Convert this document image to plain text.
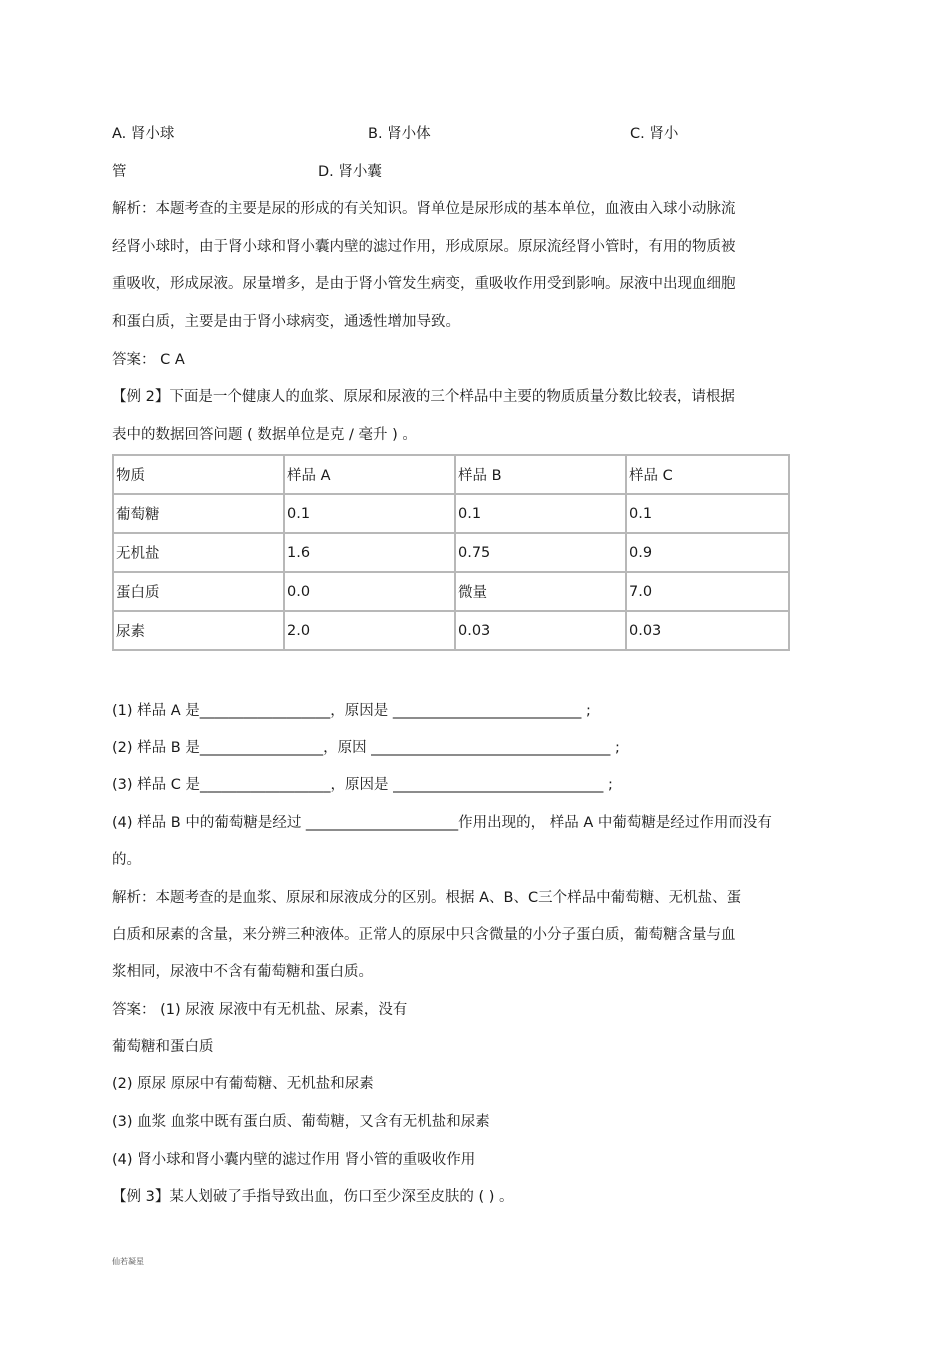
A. 肾小球	B. 肾小体	C. 肾小
管	D. 肾小囊
解析：本题考查的主要是尿的形成的有关知识。肾单位是尿形成的基本单位，血液由入球小动脉流
经肾小球时，由于肾小球和肾小囊内壁的滤过作用，形成原尿。原尿流经肾小管时，有用的物质被
重吸收，形成尿液。尿量增多，是由于肾小管发生病变，重吸收作用受到影响。尿液中出现血细胞
和蛋白质，主要是由于肾小球病变，通透性增加导致。
答案： C A
【例 2】下面是一个健康人的血浆、原尿和尿液的三个样品中主要的物质质量分数比较表，请根据
表中的数据回答问题 ( 数据单位是克 / 毫升 ) 。
物质	样品 A	样品 B	样品 C
葡萄糖	0.1	0.1	0.1
无机盐	1.6	0.75	0.9
蛋白质	0.0	微量	7.0
尿素	2.0	0.03	0.03
(1) 样品 A 是__________________，原因是 __________________________ ;
(2) 样品 B 是_________________，原因 _________________________________ ;
(3) 样品 C 是__________________，原因是 _____________________________ ;
(4) 样品 B 中的葡萄糖是经过 _____________________作用出现的， 样品 A 中葡萄糖是经过作用而没有
的。
解析：本题考查的是血浆、原尿和尿液成分的区别。根据 A、B、C三个样品中葡萄糖、无机盐、蛋
白质和尿素的含量，来分辨三种液体。正常人的原尿中只含微量的小分子蛋白质，葡萄糖含量与血
浆相同，尿液中不含有葡萄糖和蛋白质。
答案： (1) 尿液 尿液中有无机盐、尿素，没有
葡萄糖和蛋白质
(2) 原尿 原尿中有葡萄糖、无机盐和尿素
(3) 血浆 血浆中既有蛋白质、葡萄糖，又含有无机盐和尿素
(4) 肾小球和肾小囊内壁的滤过作用 肾小管的重吸收作用
【例 3】某人划破了手指导致出血，伤口至少深至皮肤的 ( ) 。
仙若凝星
